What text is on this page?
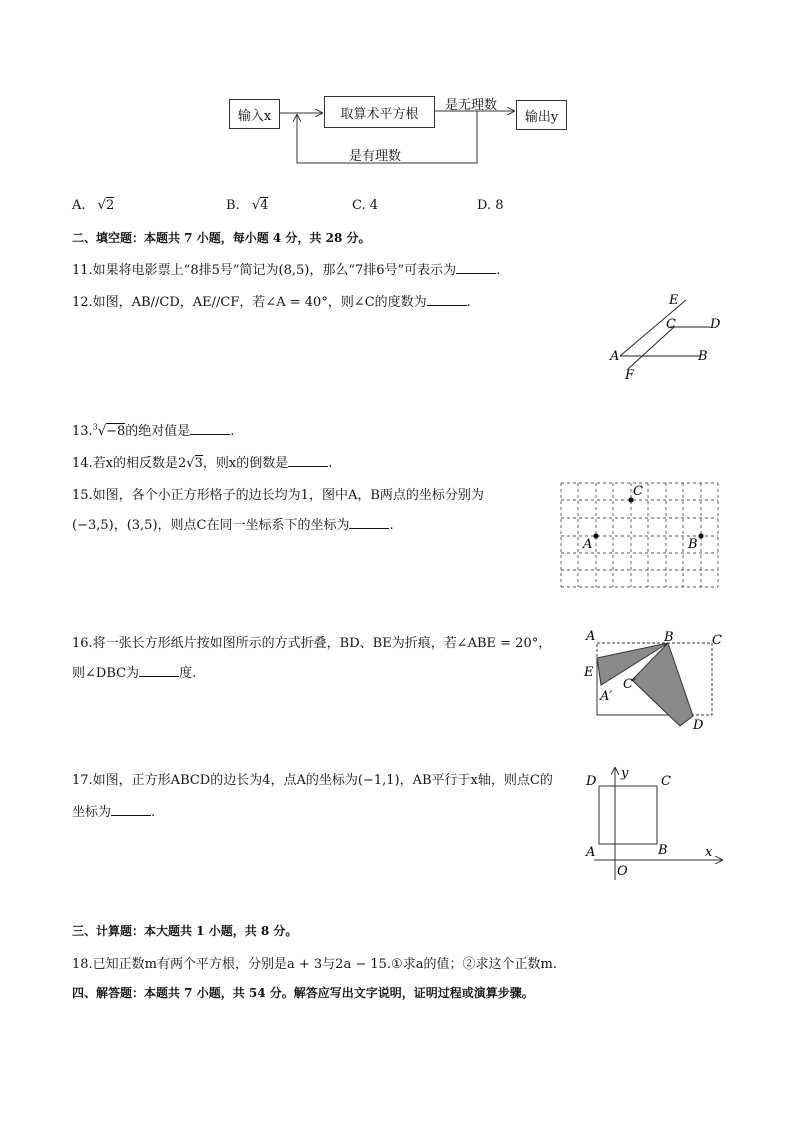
输入x	取算术平方根	输出y
是无理数
是有理数
A. √2	B. √4	C. 4	D. 8
二、填空题：本题共 7 小题，每小题 4 分，共 28 分。
11.如果将电影票上“8排5号”简记为(8,5)，那么“7排6号”可表示为	.
12.如图，AB//CD，AE//CF，若∠A = 40°，则∠C的度数为	.	E
C	D
A	B
F
13.$^3$√−8的绝对值是	.
14.若x的相反数是2√3，则x的倒数是	.
15.如图，各个小正方形格子的边长均为1，图中A，B两点的坐标分别为
(−3,5)，(3,5)，则点C在同一坐标系下的坐标为	.
C
A	B
16.将一张长方形纸片按如图所示的方式折叠，BD、BE为折痕，若∠ABE = 20°，
则∠DBC为	度.
A	B	C
E
A′
C′
D
17.如图，正方形ABCD的边长为4，点A的坐标为(−1,1)，AB平行于x轴，则点C的
坐标为	.
D
y
C
A	B	x
O
三、计算题：本大题共 1 小题，共 8 分。
18.已知正数m有两个平方根，分别是a + 3与2a − 15.①求a的值；②求这个正数m.
四、解答题：本题共 7 小题，共 54 分。解答应写出文字说明，证明过程或演算步骤。
